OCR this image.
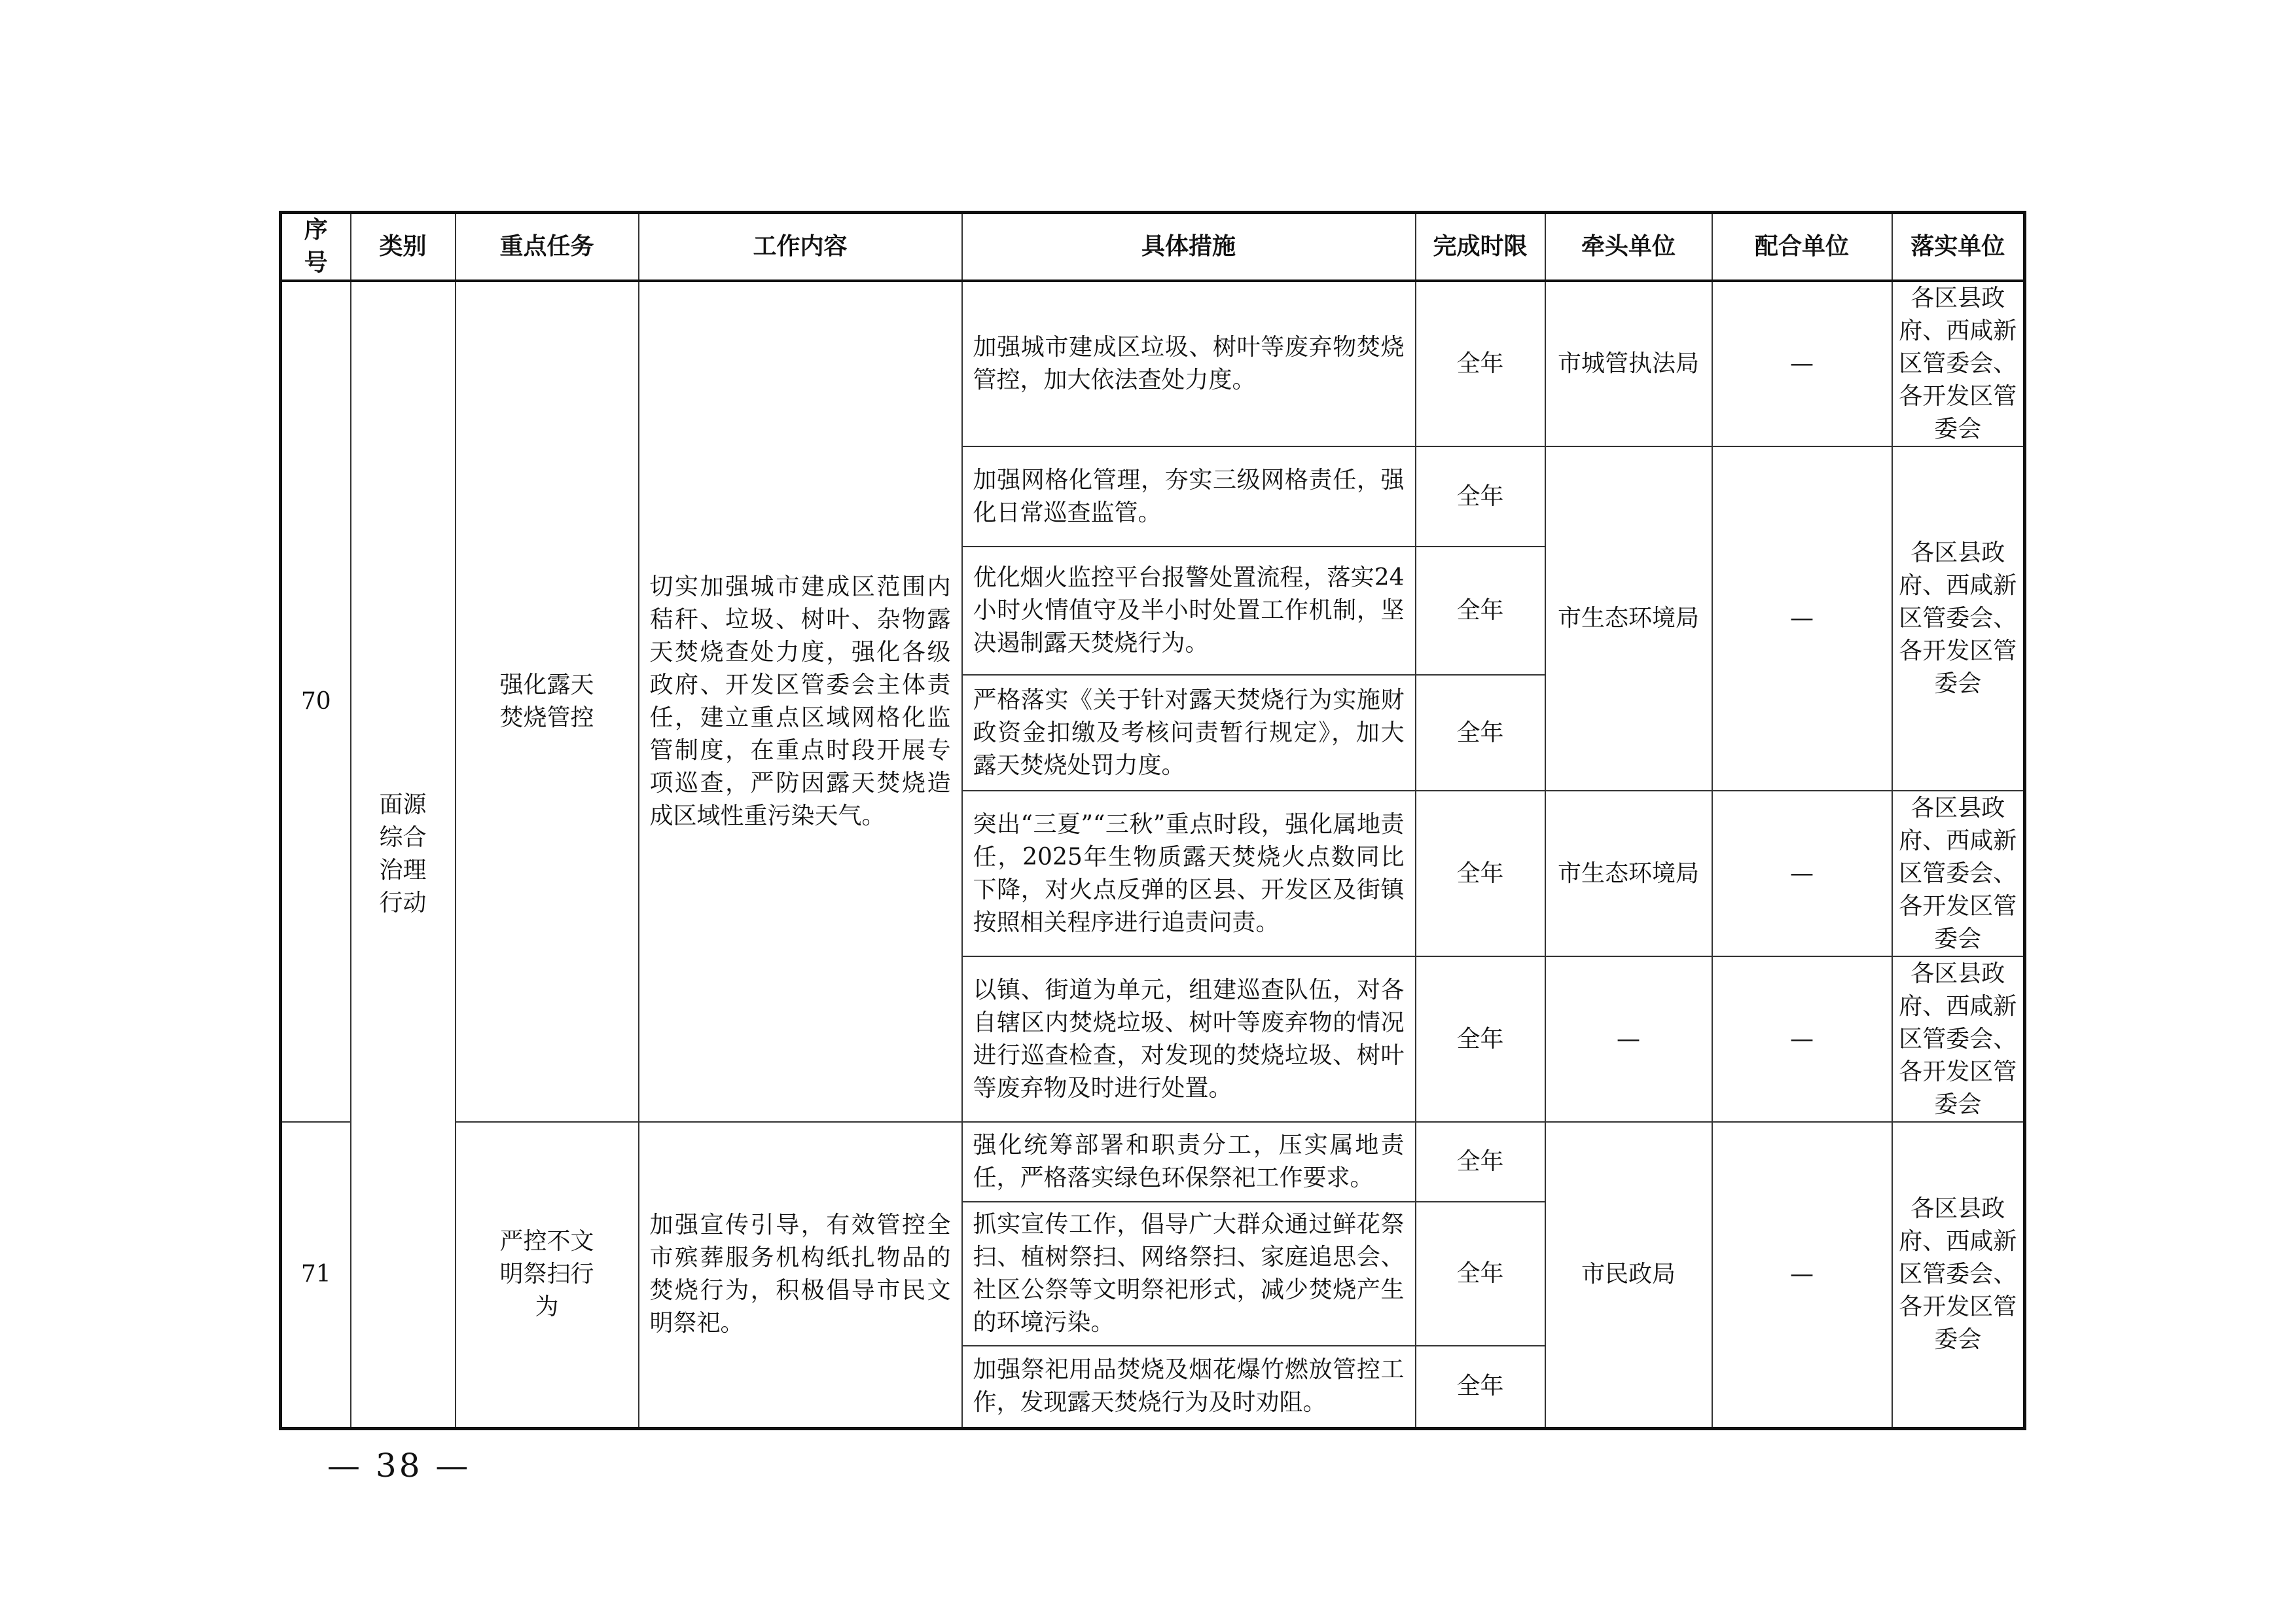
序号	类别	重点任务	工作内容	具体措施	完成时限	牵头单位	配合单位	落实单位
70	面源综合治理行动	强化露天焚烧管控	切实加强城市建成区范围内秸秆、垃圾、树叶、杂物露天焚烧查处力度，强化各级政府、开发区管委会主体责任，建立重点区域网格化监管制度，在重点时段开展专项巡查，严防因露天焚烧造成区域性重污染天气。	加强城市建成区垃圾、树叶等废弃物焚烧管控，加大依法查处力度。	全年	市城管执法局	—	各区县政府、西咸新区管委会、各开发区管委会
				加强网格化管理，夯实三级网格责任，强化日常巡查监管。	全年	市生态环境局	—	各区县政府、西咸新区管委会、各开发区管委会
				优化烟火监控平台报警处置流程，落实24小时火情值守及半小时处置工作机制，坚决遏制露天焚烧行为。	全年			
				严格落实《关于针对露天焚烧行为实施财政资金扣缴及考核问责暂行规定》，加大露天焚烧处罚力度。	全年			
				突出“三夏”“三秋”重点时段，强化属地责任，2025年生物质露天焚烧火点数同比下降，对火点反弹的区县、开发区及街镇按照相关程序进行追责问责。	全年	市生态环境局	—	各区县政府、西咸新区管委会、各开发区管委会
				以镇、街道为单元，组建巡查队伍，对各自辖区内焚烧垃圾、树叶等废弃物的情况进行巡查检查，对发现的焚烧垃圾、树叶等废弃物及时进行处置。	全年	—	—	各区县政府、西咸新区管委会、各开发区管委会
71		严控不文明祭扫行为	加强宣传引导，有效管控全市殡葬服务机构纸扎物品的焚烧行为，积极倡导市民文明祭祀。	强化统筹部署和职责分工，压实属地责任，严格落实绿色环保祭祀工作要求。	全年	市民政局	—	各区县政府、西咸新区管委会、各开发区管委会
				抓实宣传工作，倡导广大群众通过鲜花祭扫、植树祭扫、网络祭扫、家庭追思会、社区公祭等文明祭祀形式，减少焚烧产生的环境污染。	全年			
				加强祭祀用品焚烧及烟花爆竹燃放管控工作，发现露天焚烧行为及时劝阻。	全年			
— 38 —
